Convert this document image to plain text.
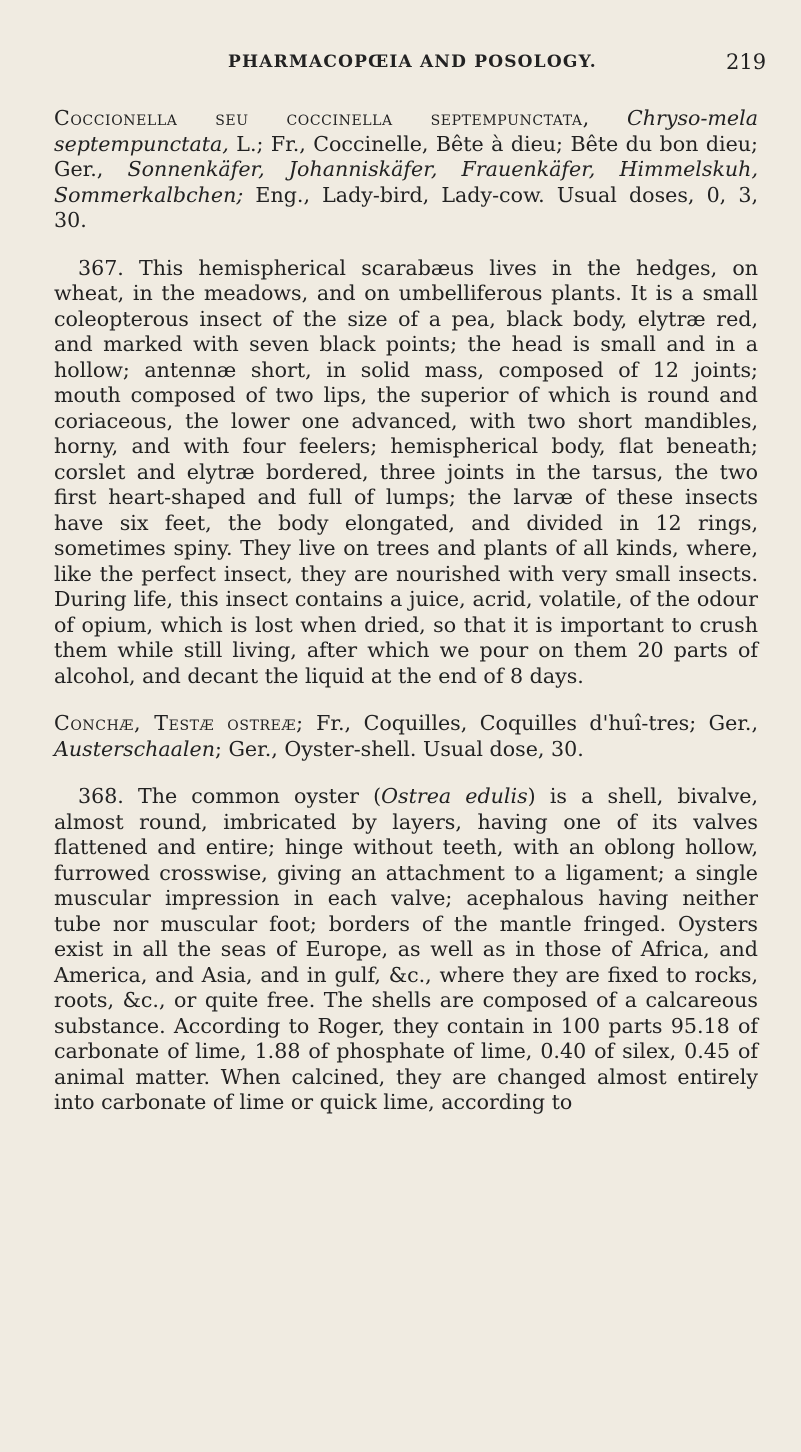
PHARMACOPŒIA AND POSOLOGY.	219

Coccionella seu coccinella septempunctata, Chryso-mela septempunctata, L.; Fr., Coccinelle, Bête à dieu; Bête du bon dieu; Ger., Sonnenkäfer, Johanniskäfer, Frauenkäfer, Himmelskuh, Sommerkalbchen; Eng., Lady-bird, Lady-cow. Usual doses, 0, 3, 30.

367. This hemispherical scarabæus lives in the hedges, on wheat, in the meadows, and on umbelliferous plants. It is a small coleopterous insect of the size of a pea, black body, elytræ red, and marked with seven black points; the head is small and in a hollow; antennæ short, in solid mass, composed of 12 joints; mouth composed of two lips, the superior of which is round and coriaceous, the lower one advanced, with two short mandibles, horny, and with four feelers; hemispherical body, flat beneath; corslet and elytræ bordered, three joints in the tarsus, the two first heart-shaped and full of lumps; the larvæ of these insects have six feet, the body elongated, and divided in 12 rings, sometimes spiny. They live on trees and plants of all kinds, where, like the perfect insect, they are nourished with very small insects. During life, this insect contains a juice, acrid, volatile, of the odour of opium, which is lost when dried, so that it is important to crush them while still living, after which we pour on them 20 parts of alcohol, and decant the liquid at the end of 8 days.

Conchæ, Testæ ostreæ; Fr., Coquilles, Coquilles d'huî-tres; Ger., Austerschaalen; Ger., Oyster-shell. Usual dose, 30.

368. The common oyster (Ostrea edulis) is a shell, bivalve, almost round, imbricated by layers, having one of its valves flattened and entire; hinge without teeth, with an oblong hollow, furrowed crosswise, giving an attachment to a ligament; a single muscular impression in each valve; acephalous having neither tube nor muscular foot; borders of the mantle fringed. Oysters exist in all the seas of Europe, as well as in those of Africa, and America, and Asia, and in gulf, &c., where they are fixed to rocks, roots, &c., or quite free. The shells are composed of a calcareous substance. According to Roger, they contain in 100 parts 95.18 of carbonate of lime, 1.88 of phosphate of lime, 0.40 of silex, 0.45 of animal matter. When calcined, they are changed almost entirely into carbonate of lime or quick lime, according to
